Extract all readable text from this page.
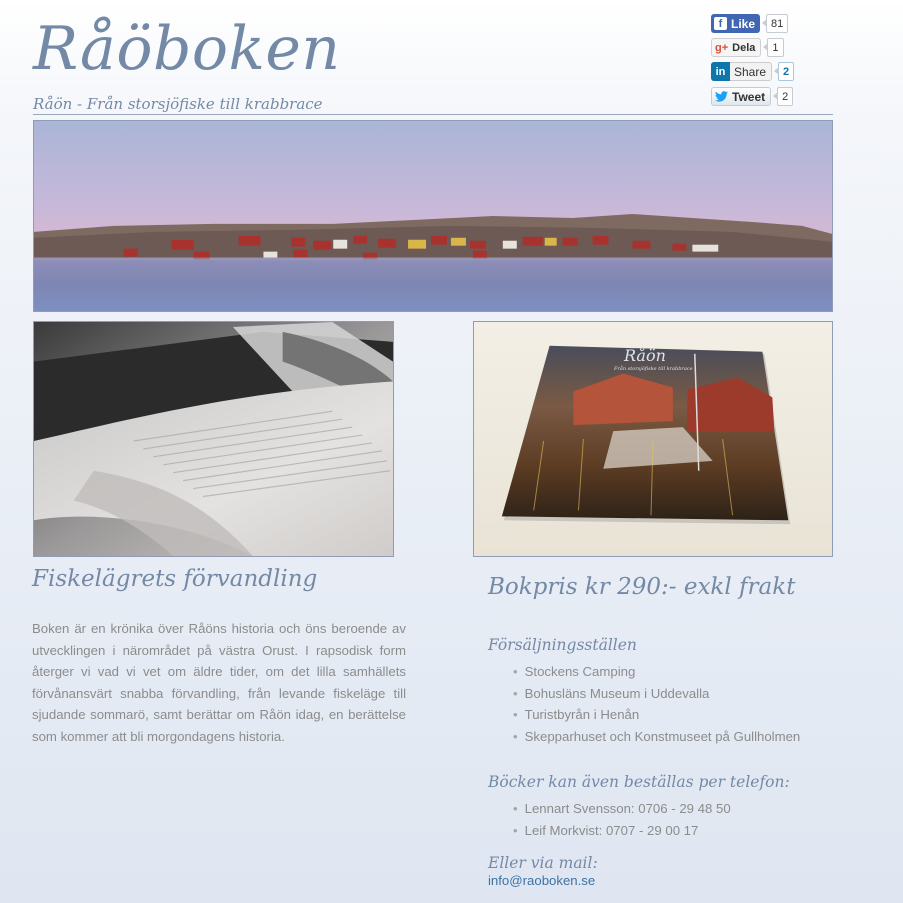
Råöboken
Råön - Från storsjöfiske till krabbrace
f Like	81
g+ Dela	1
in Share	2
Tweet	2
Råön
Från storsjöfiske till krabbrace
Fiskelägrets förvandling
Boken är en krönika över Råöns historia och öns beroende av utvecklingen i närområdet på västra Orust. I rapsodisk form återger vi vad vi vet om äldre tider, om det lilla samhällets förvånansvärt snabba förvandling, från levande fiskeläge till sjudande sommarö, samt berättar om Råön idag, en berättelse som kommer att bli morgondagens historia.
Bokpris kr 290:- exkl frakt
Försäljningsställen
• Stockens Camping
• Bohusläns Museum i Uddevalla
• Turistbyrån i Henån
• Skepparhuset och Konstmuseet på Gullholmen
Böcker kan även beställas per telefon:
• Lennart Svensson: 0706 - 29 48 50
• Leif Morkvist: 0707 - 29 00 17
Eller via mail:
info@raoboken.se
